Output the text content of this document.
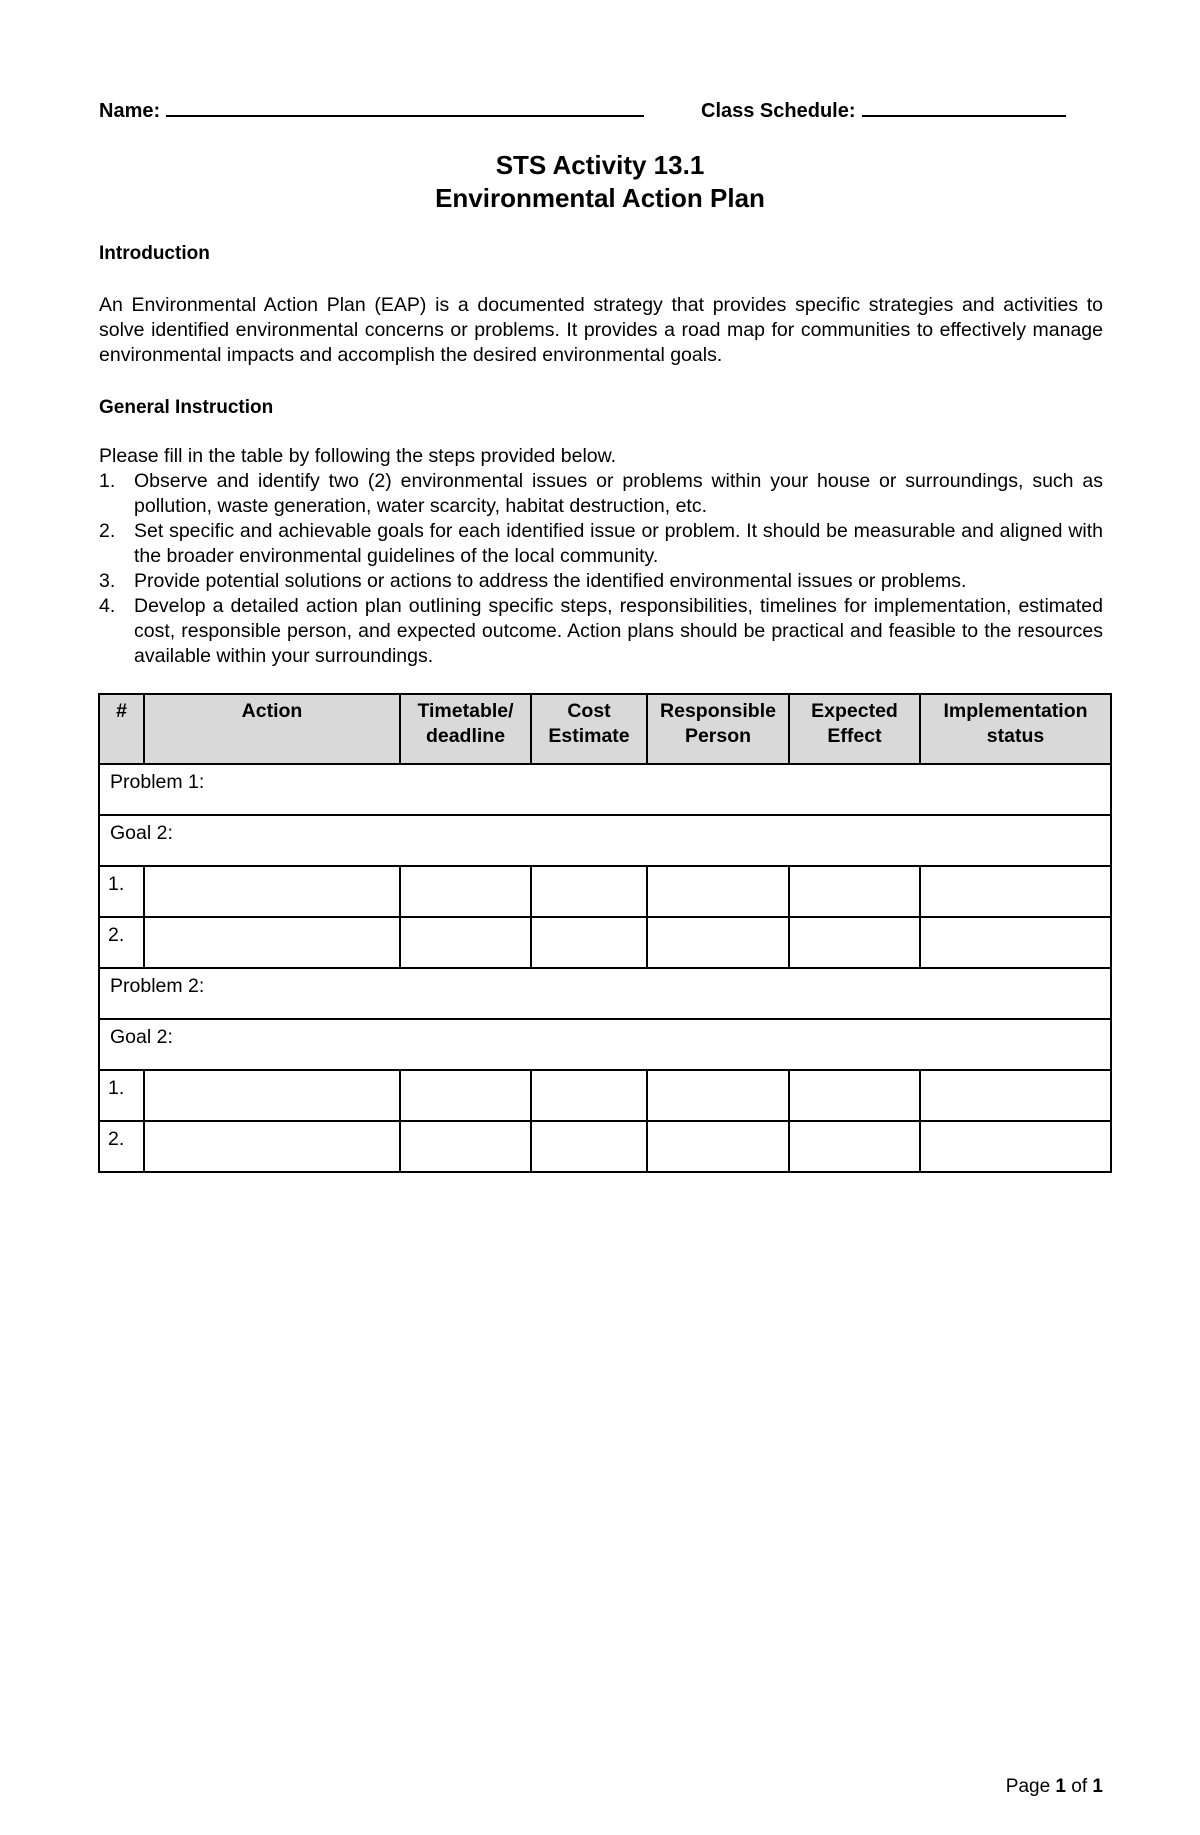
Name:	Class Schedule:
STS Activity 13.1
Environmental Action Plan
Introduction
An Environmental Action Plan (EAP) is a documented strategy that provides specific strategies and activities to solve identified environmental concerns or problems. It provides a road map for communities to effectively manage environmental impacts and accomplish the desired environmental goals.
General Instruction
Please fill in the table by following the steps provided below.
1. Observe and identify two (2) environmental issues or problems within your house or surroundings, such as pollution, waste generation, water scarcity, habitat destruction, etc.
2. Set specific and achievable goals for each identified issue or problem. It should be measurable and aligned with the broader environmental guidelines of the local community.
3. Provide potential solutions or actions to address the identified environmental issues or problems.
4. Develop a detailed action plan outlining specific steps, responsibilities, timelines for implementation, estimated cost, responsible person, and expected outcome. Action plans should be practical and feasible to the resources available within your surroundings.
#	Action	Timetable/ deadline	Cost Estimate	Responsible Person	Expected Effect	Implementation status
Problem 1:						
Goal 2:						
1.						
2.						
Problem 2:						
Goal 2:						
1.						
2.						
Page 1 of 1
